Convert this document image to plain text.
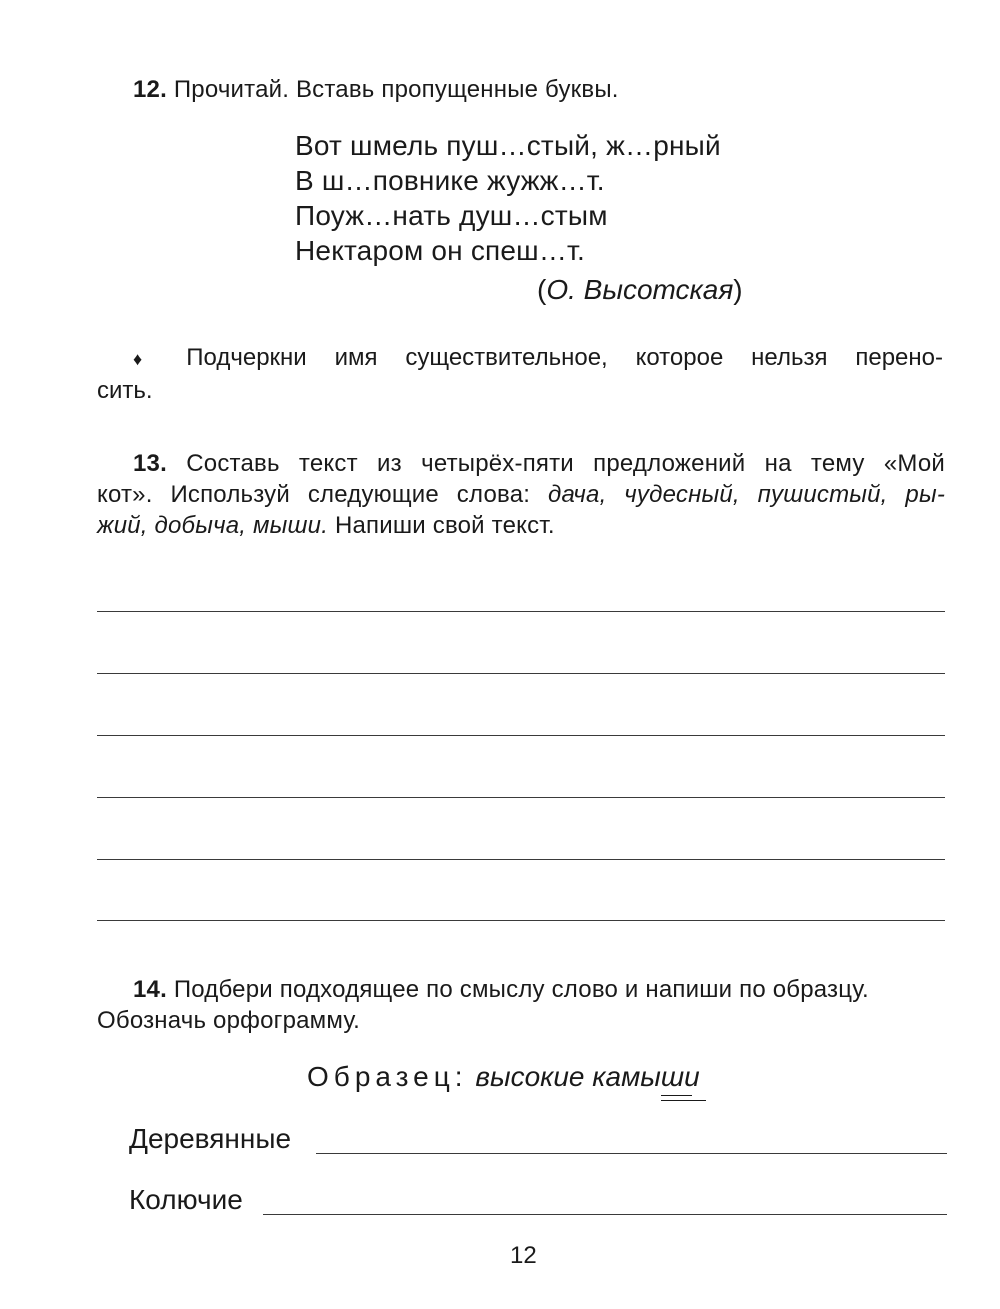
12. Прочитай. Вставь пропущенные буквы.
Вот шмель пуш…стый, ж…рный
В ш…повнике жужж…т.
Поуж…нать душ…стым
Нектаром он спеш…т.
(О. Высотская)
♦ Подчеркни имя существительное, которое нельзя перено-
сить.
13. Составь текст из четырёх-пяти предложений на тему «Мой
кот». Используй следующие слова: дача, чудесный, пушистый, ры-
жий, добыча, мыши. Напиши свой текст.
14. Подбери подходящее по смыслу слово и напиши по образцу.
Обозначь орфограмму.
Образец: высокие камыши
Деревянные
Колючие
12
